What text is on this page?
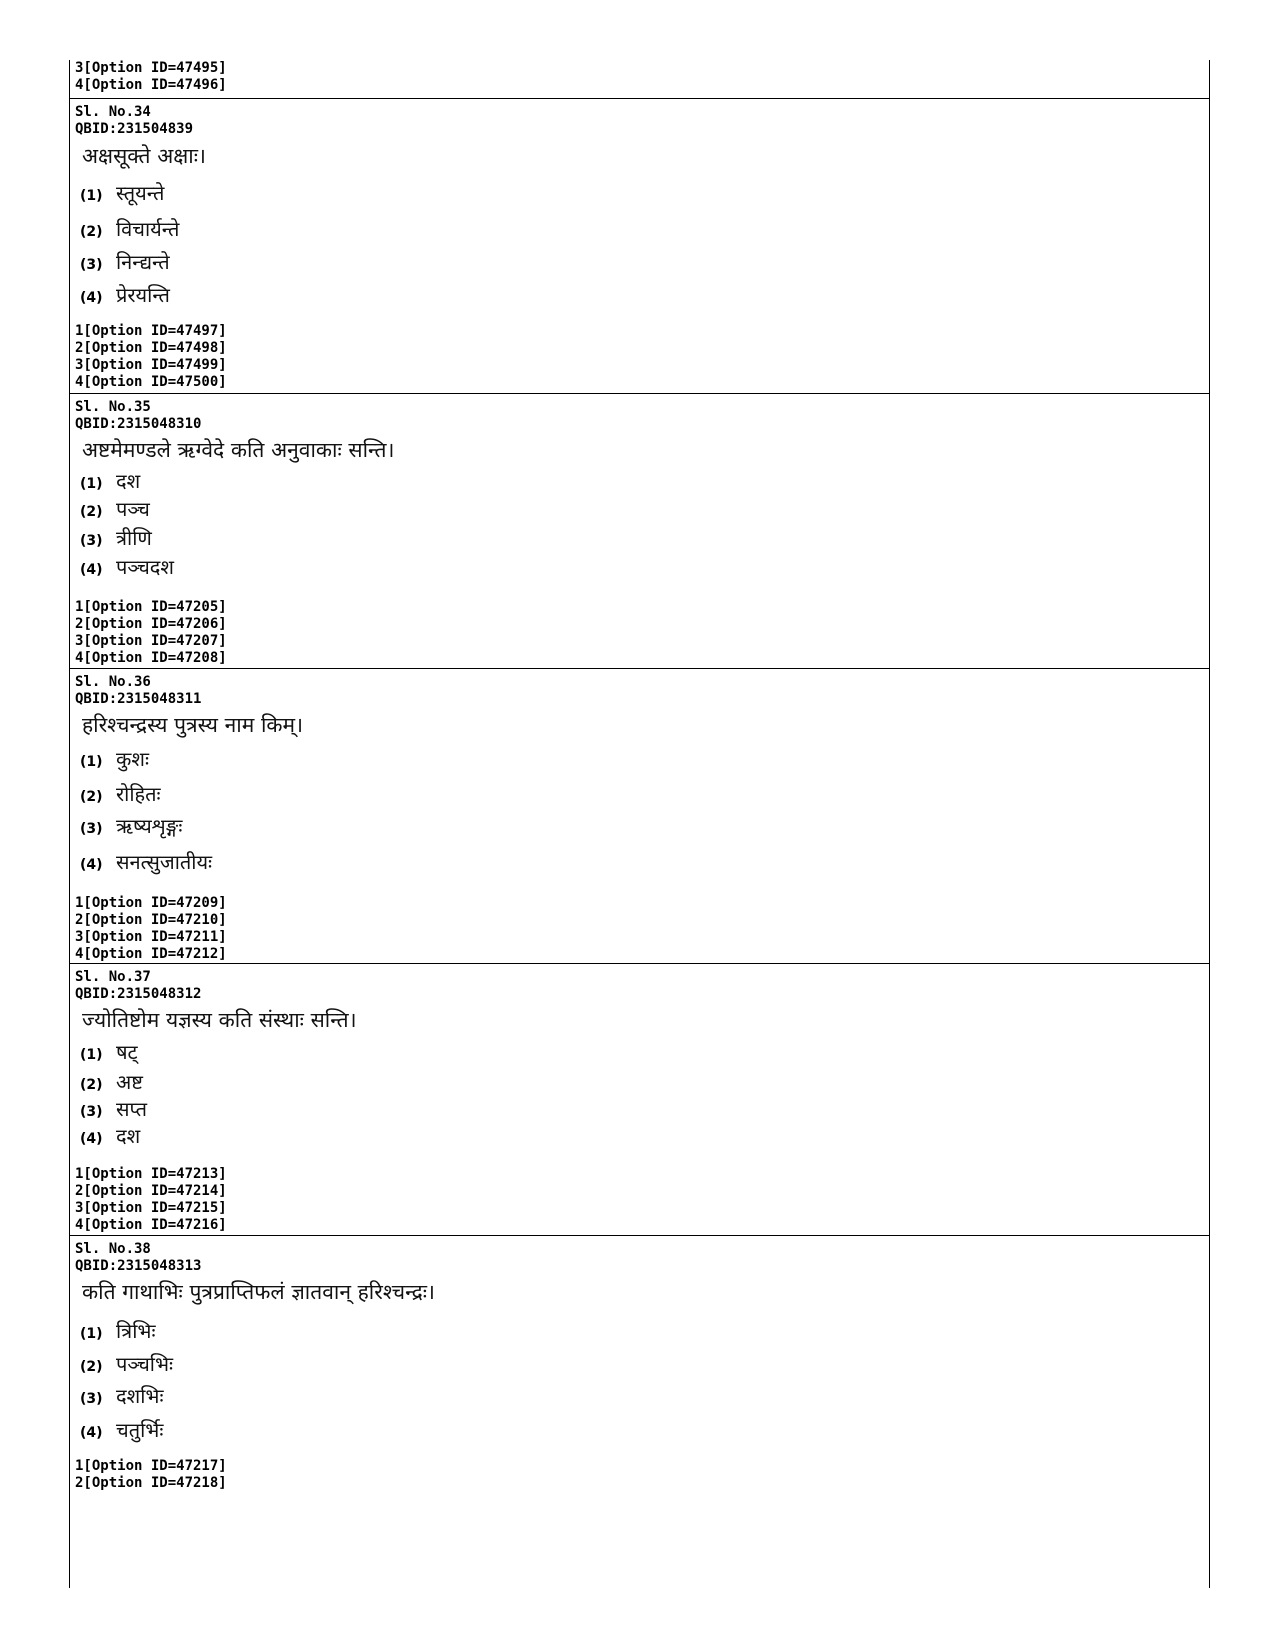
3[Option ID=47495]
4[Option ID=47496]
Sl. No.34
QBID:231504839
अक्षसूक्ते अक्षाः।
(1) स्तूयन्ते
(2) विचार्यन्ते
(3) निन्द्यन्ते
(4) प्रेरयन्ति
1[Option ID=47497]
2[Option ID=47498]
3[Option ID=47499]
4[Option ID=47500]
Sl. No.35
QBID:2315048310
अष्टमेमण्डले ऋग्वेदे कति अनुवाकाः सन्ति।
(1) दश
(2) पञ्च
(3) त्रीणि
(4) पञ्चदश
1[Option ID=47205]
2[Option ID=47206]
3[Option ID=47207]
4[Option ID=47208]
Sl. No.36
QBID:2315048311
हरिश्चन्द्रस्य पुत्रस्य नाम किम्।
(1) कुशः
(2) रोहितः
(3) ऋष्यशृङ्गः
(4) सनत्सुजातीयः
1[Option ID=47209]
2[Option ID=47210]
3[Option ID=47211]
4[Option ID=47212]
Sl. No.37
QBID:2315048312
ज्योतिष्टोम यज्ञस्य कति संस्थाः सन्ति।
(1) षट्
(2) अष्ट
(3) सप्त
(4) दश
1[Option ID=47213]
2[Option ID=47214]
3[Option ID=47215]
4[Option ID=47216]
Sl. No.38
QBID:2315048313
कति गाथाभिः पुत्रप्राप्तिफलं ज्ञातवान् हरिश्चन्द्रः।
(1) त्रिभिः
(2) पञ्चभिः
(3) दशभिः
(4) चतुर्भिः
1[Option ID=47217]
2[Option ID=47218]
